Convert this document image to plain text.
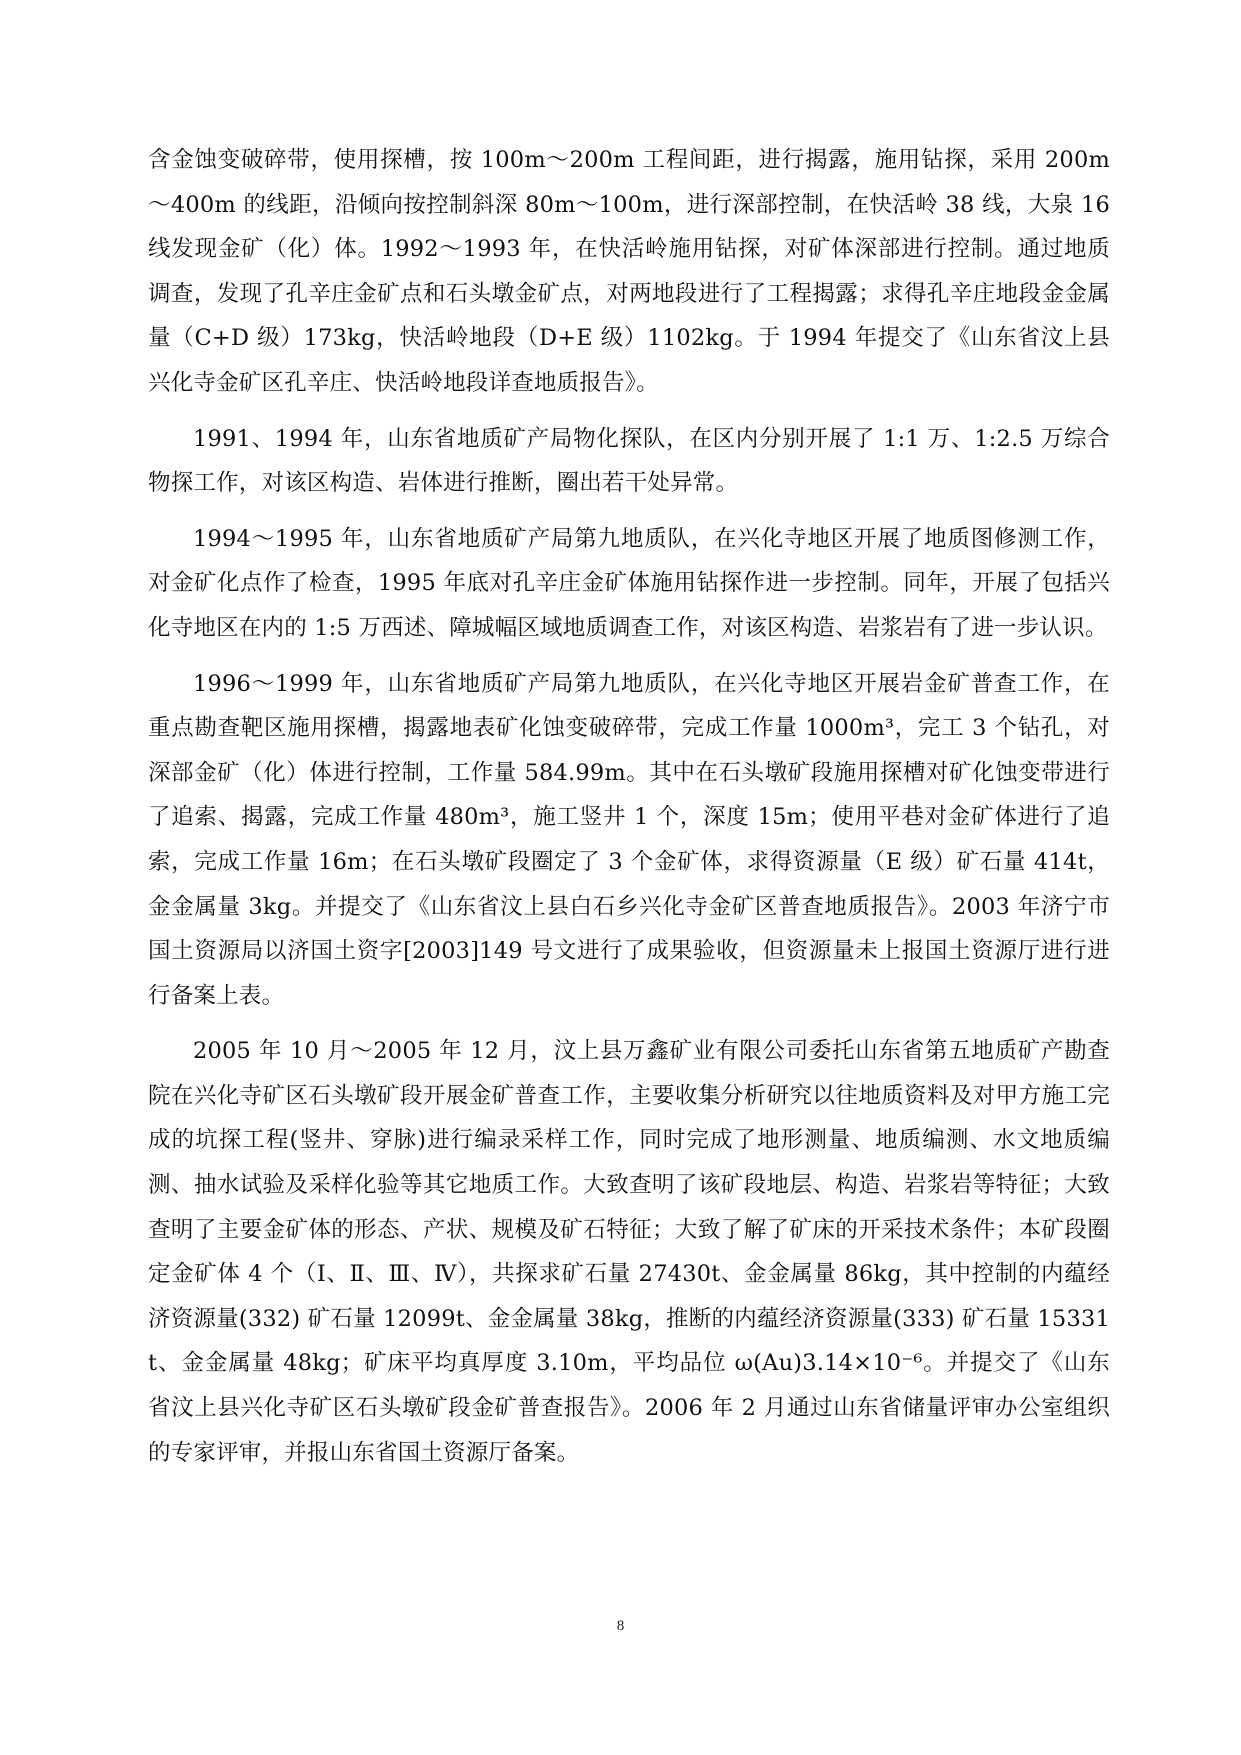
含金蚀变破碎带，使用探槽，按 100m～200m 工程间距，进行揭露，施用钻探，采用 200m～400m 的线距，沿倾向按控制斜深 80m～100m，进行深部控制，在快活岭 38 线，大泉 16 线发现金矿（化）体。1992～1993 年，在快活岭施用钻探，对矿体深部进行控制。通过地质调查，发现了孔辛庄金矿点和石头墩金矿点，对两地段进行了工程揭露；求得孔辛庄地段金金属量（C+D 级）173kg，快活岭地段（D+E 级）1102kg。于 1994 年提交了《山东省汶上县兴化寺金矿区孔辛庄、快活岭地段详查地质报告》。

1991、1994 年，山东省地质矿产局物化探队，在区内分别开展了 1:1 万、1:2.5 万综合物探工作，对该区构造、岩体进行推断，圈出若干处异常。

1994～1995 年，山东省地质矿产局第九地质队，在兴化寺地区开展了地质图修测工作，对金矿化点作了检查，1995 年底对孔辛庄金矿体施用钻探作进一步控制。同年，开展了包括兴化寺地区在内的 1:5 万西述、障城幅区域地质调查工作，对该区构造、岩浆岩有了进一步认识。

1996～1999 年，山东省地质矿产局第九地质队，在兴化寺地区开展岩金矿普查工作，在重点勘查靶区施用探槽，揭露地表矿化蚀变破碎带，完成工作量 1000m³，完工 3 个钻孔，对深部金矿（化）体进行控制，工作量 584.99m。其中在石头墩矿段施用探槽对矿化蚀变带进行了追索、揭露，完成工作量 480m³，施工竖井 1 个，深度 15m；使用平巷对金矿体进行了追索，完成工作量 16m；在石头墩矿段圈定了 3 个金矿体，求得资源量（E 级）矿石量 414t，金金属量 3kg。并提交了《山东省汶上县白石乡兴化寺金矿区普查地质报告》。2003 年济宁市国土资源局以济国土资字[2003]149 号文进行了成果验收，但资源量未上报国土资源厅进行进行备案上表。

2005 年 10 月～2005 年 12 月，汶上县万鑫矿业有限公司委托山东省第五地质矿产勘查院在兴化寺矿区石头墩矿段开展金矿普查工作，主要收集分析研究以往地质资料及对甲方施工完成的坑探工程(竖井、穿脉)进行编录采样工作，同时完成了地形测量、地质编测、水文地质编测、抽水试验及采样化验等其它地质工作。大致查明了该矿段地层、构造、岩浆岩等特征；大致查明了主要金矿体的形态、产状、规模及矿石特征；大致了解了矿床的开采技术条件；本矿段圈定金矿体 4 个（Ⅰ、Ⅱ、Ⅲ、Ⅳ），共探求矿石量 27430t、金金属量 86kg，其中控制的内蕴经济资源量(332) 矿石量 12099t、金金属量 38kg，推断的内蕴经济资源量(333) 矿石量 15331t、金金属量 48kg；矿床平均真厚度 3.10m，平均品位 ω(Au)3.14×10⁻⁶。并提交了《山东省汶上县兴化寺矿区石头墩矿段金矿普查报告》。2006 年 2 月通过山东省储量评审办公室组织的专家评审，并报山东省国土资源厅备案。

8
